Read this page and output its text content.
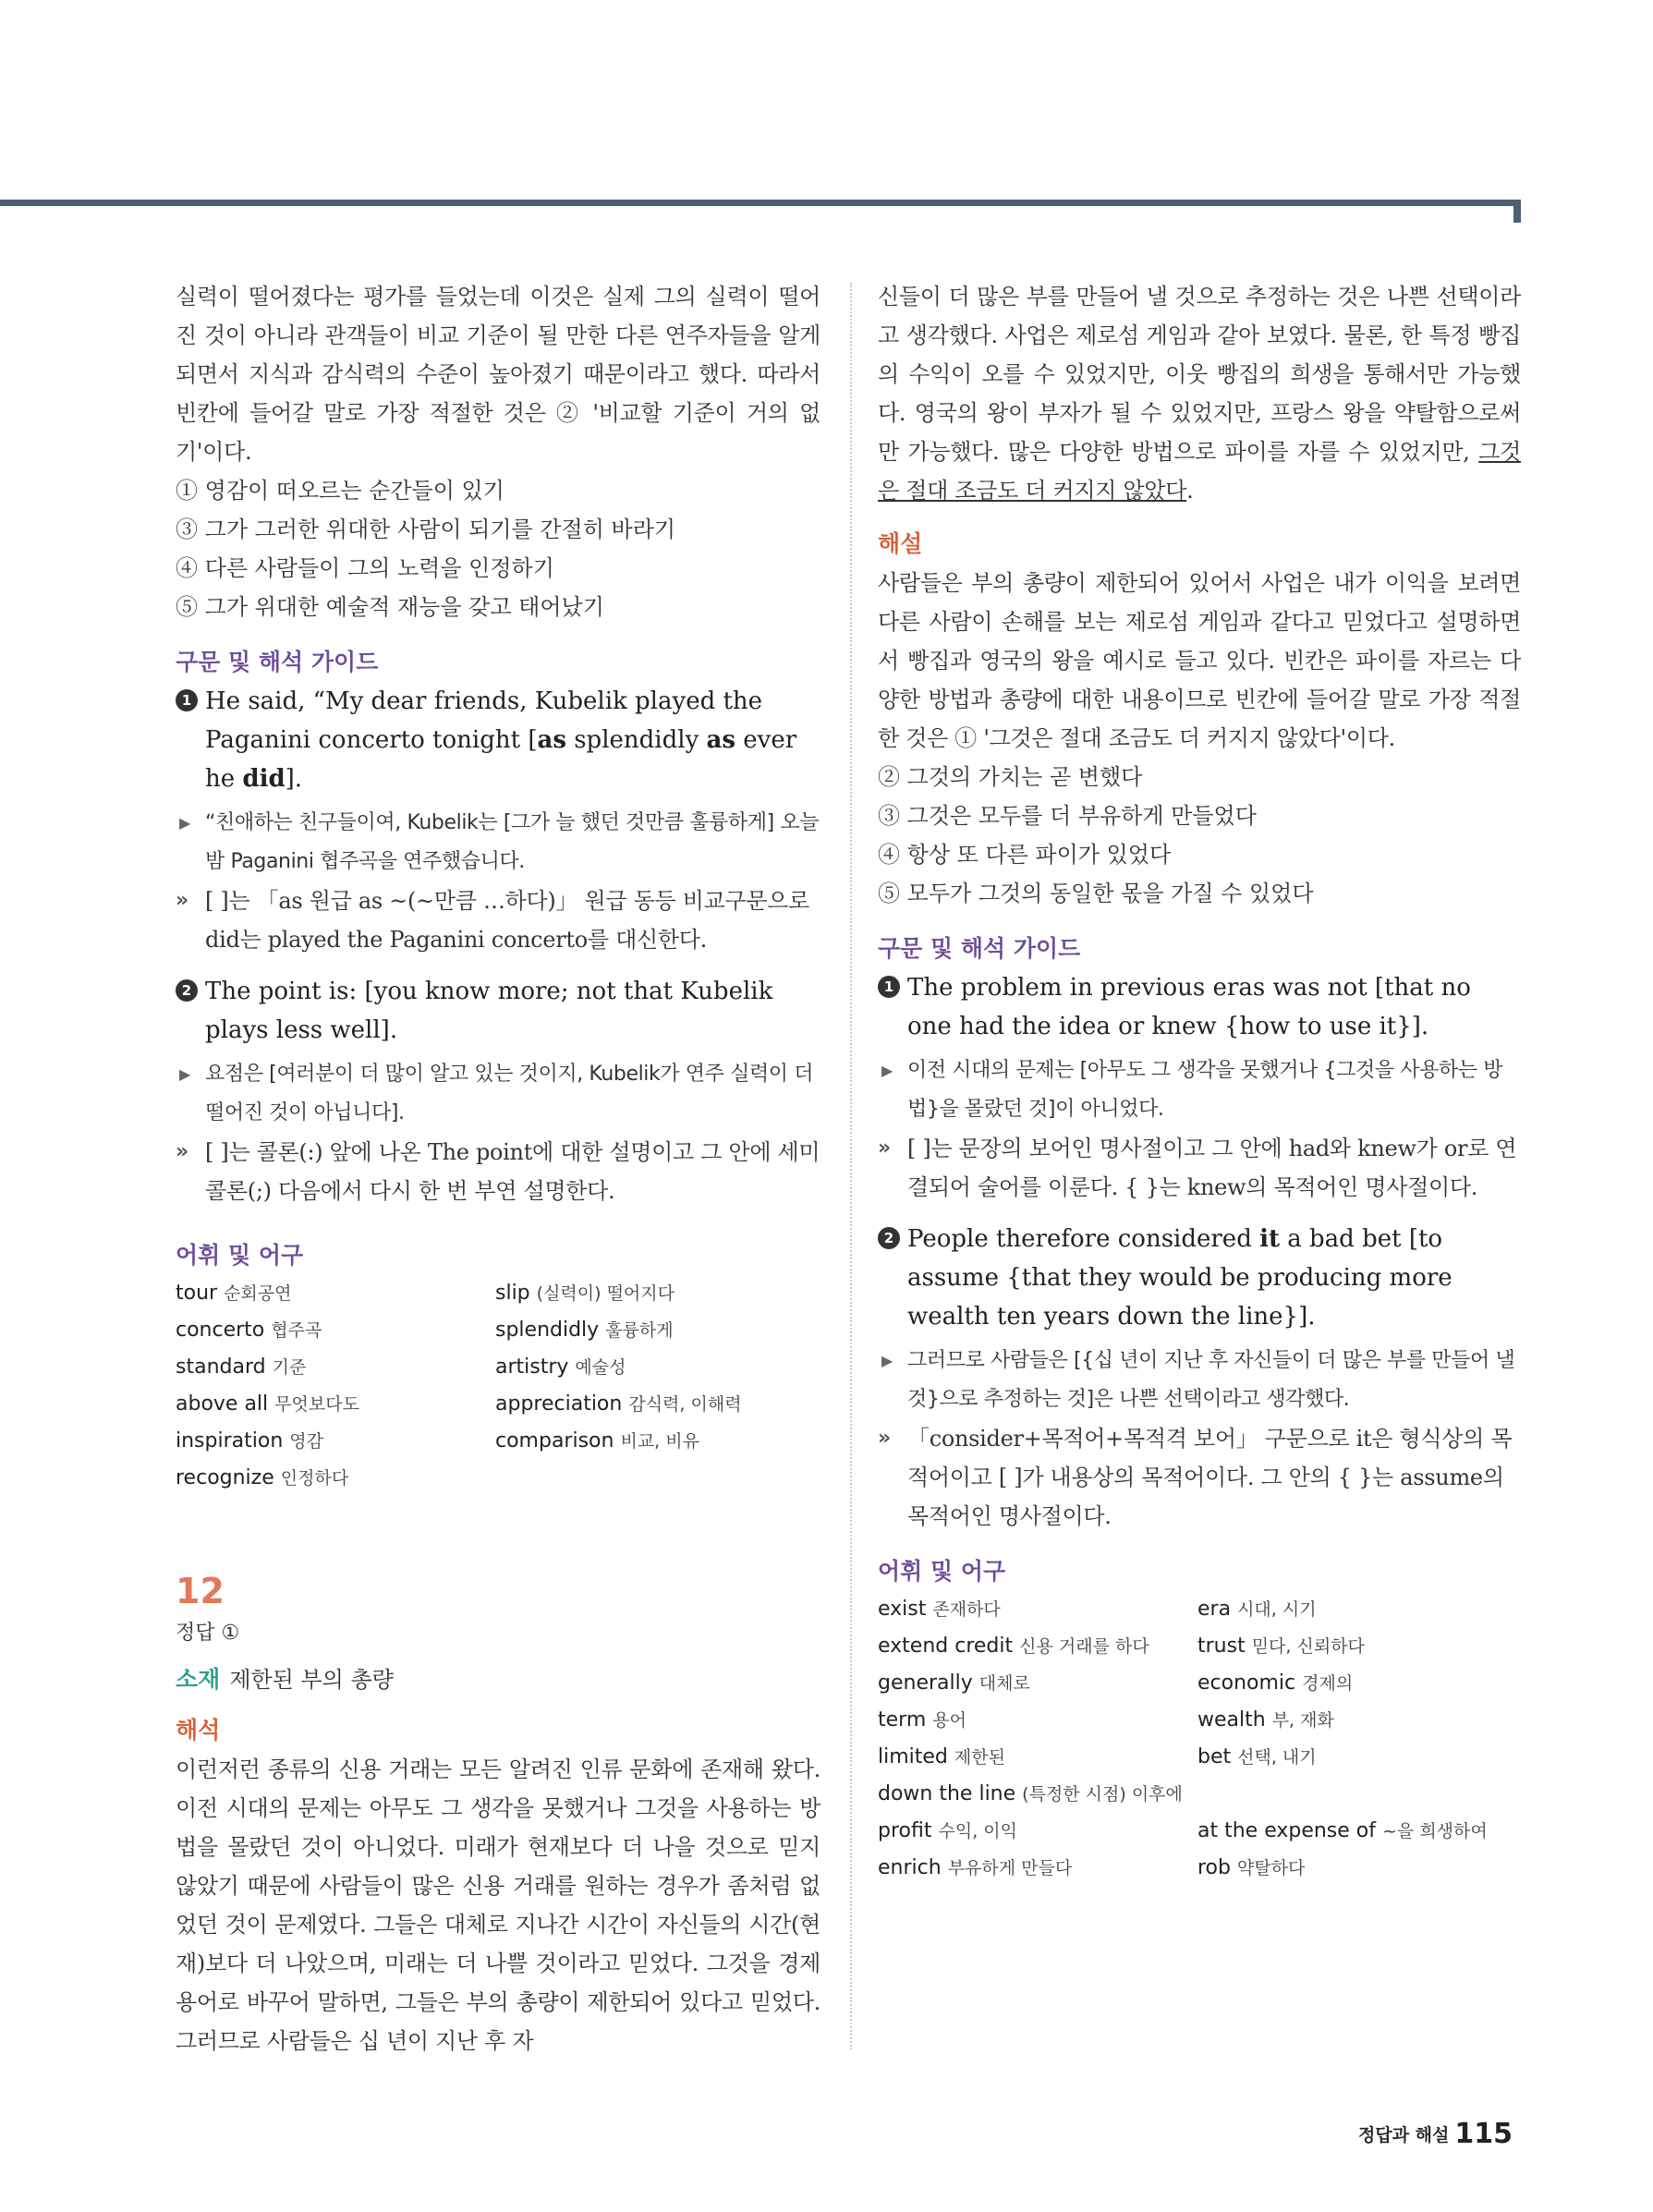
실력이 떨어졌다는 평가를 들었는데 이것은 실제 그의 실력이 떨어진 것이 아니라 관객들이 비교 기준이 될 만한 다른 연주자들을 알게 되면서 지식과 감식력의 수준이 높아졌기 때문이라고 했다. 따라서 빈칸에 들어갈 말로 가장 적절한 것은 ② '비교할 기준이 거의 없기'이다.

① 영감이 떠오르는 순간들이 있기

③ 그가 그러한 위대한 사람이 되기를 간절히 바라기

④ 다른 사람들이 그의 노력을 인정하기

⑤ 그가 위대한 예술적 재능을 갖고 태어났기

구문 및 해석 가이드

1 He said, “My dear friends, Kubelik played the Paganini concerto tonight [as splendidly as ever he did].

▶ “친애하는 친구들이여, Kubelik는 [그가 늘 했던 것만큼 훌륭하게] 오늘 밤 Paganini 협주곡을 연주했습니다.

» [ ]는 「as 원급 as ~(~만큼 …하다)」 원급 동등 비교구문으로 did는 played the Paganini concerto를 대신한다.

2 The point is: [you know more; not that Kubelik plays less well].

▶ 요점은 [여러분이 더 많이 알고 있는 것이지, Kubelik가 연주 실력이 더 떨어진 것이 아닙니다].

» [ ]는 콜론(:) 앞에 나온 The point에 대한 설명이고 그 안에 세미콜론(;) 다음에서 다시 한 번 부연 설명한다.

어휘 및 어구

tour 순회공연	slip (실력이) 떨어지다
concerto 협주곡	splendidly 훌륭하게
standard 기준	artistry 예술성
above all 무엇보다도	appreciation 감식력, 이해력
inspiration 영감	comparison 비교, 비유
recognize 인정하다

12

정답 ①

소재 제한된 부의 총량

해석

이런저런 종류의 신용 거래는 모든 알려진 인류 문화에 존재해 왔다. 이전 시대의 문제는 아무도 그 생각을 못했거나 그것을 사용하는 방법을 몰랐던 것이 아니었다. 미래가 현재보다 더 나을 것으로 믿지 않았기 때문에 사람들이 많은 신용 거래를 원하는 경우가 좀처럼 없었던 것이 문제였다. 그들은 대체로 지나간 시간이 자신들의 시간(현재)보다 더 나았으며, 미래는 더 나쁠 것이라고 믿었다. 그것을 경제 용어로 바꾸어 말하면, 그들은 부의 총량이 제한되어 있다고 믿었다. 그러므로 사람들은 십 년이 지난 후 자

신들이 더 많은 부를 만들어 낼 것으로 추정하는 것은 나쁜 선택이라고 생각했다. 사업은 제로섬 게임과 같아 보였다. 물론, 한 특정 빵집의 수익이 오를 수 있었지만, 이웃 빵집의 희생을 통해서만 가능했다. 영국의 왕이 부자가 될 수 있었지만, 프랑스 왕을 약탈함으로써만 가능했다. 많은 다양한 방법으로 파이를 자를 수 있었지만, 그것은 절대 조금도 더 커지지 않았다.

해설

사람들은 부의 총량이 제한되어 있어서 사업은 내가 이익을 보려면 다른 사람이 손해를 보는 제로섬 게임과 같다고 믿었다고 설명하면서 빵집과 영국의 왕을 예시로 들고 있다. 빈칸은 파이를 자르는 다양한 방법과 총량에 대한 내용이므로 빈칸에 들어갈 말로 가장 적절한 것은 ① '그것은 절대 조금도 더 커지지 않았다'이다.

② 그것의 가치는 곧 변했다

③ 그것은 모두를 더 부유하게 만들었다

④ 항상 또 다른 파이가 있었다

⑤ 모두가 그것의 동일한 몫을 가질 수 있었다

구문 및 해석 가이드

1 The problem in previous eras was not [that no one had the idea or knew {how to use it}].

▶ 이전 시대의 문제는 [아무도 그 생각을 못했거나 {그것을 사용하는 방법}을 몰랐던 것]이 아니었다.

» [ ]는 문장의 보어인 명사절이고 그 안에 had와 knew가 or로 연결되어 술어를 이룬다. { }는 knew의 목적어인 명사절이다.

2 People therefore considered it a bad bet [to assume {that they would be producing more wealth ten years down the line}].

▶ 그러므로 사람들은 [{십 년이 지난 후 자신들이 더 많은 부를 만들어 낼 것}으로 추정하는 것]은 나쁜 선택이라고 생각했다.

» 「consider+목적어+목적격 보어」 구문으로 it은 형식상의 목적어이고 [ ]가 내용상의 목적어이다. 그 안의 { }는 assume의 목적어인 명사절이다.

어휘 및 어구

exist 존재하다	era 시대, 시기
extend credit 신용 거래를 하다	trust 믿다, 신뢰하다
generally 대체로	economic 경제의
term 용어	wealth 부, 재화
limited 제한된	bet 선택, 내기
down the line (특정한 시점) 이후에
profit 수익, 이익	at the expense of ~을 희생하여
enrich 부유하게 만들다	rob 약탈하다
정답과 해설 115
